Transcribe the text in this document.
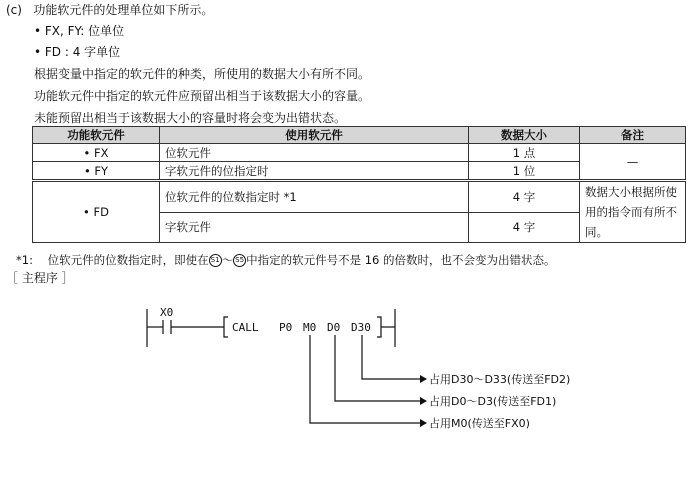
(c) 功能软元件的处理单位如下所示。
• FX, FY: 位单位
• FD : 4 字单位
根据变量中指定的软元件的种类，所使用的数据大小有所不同。
功能软元件中指定的软元件应预留出相当于该数据大小的容量。
未能预留出相当于该数据大小的容量时将会变为出错状态。
功能软元件	使用软元件	数据大小	备注
• FX	位软元件	1 点	—
• FY	字软元件的位指定时	1 位	
• FD	位软元件的位数指定时 *1	4 字	数据大小根据所使用的指令而有所不同。
	字软元件	4 字	
*1: 位软元件的位数指定时，即使在 S1 ～ S5 中指定的软元件号不是 16 的倍数时，也不会变为出错状态。
［ 主程序 ］
X0
CALL P0 M0 D0 D30
占用D30～D33(传送至FD2)
占用D0～D3(传送至FD1)
占用M0(传送至FX0)
